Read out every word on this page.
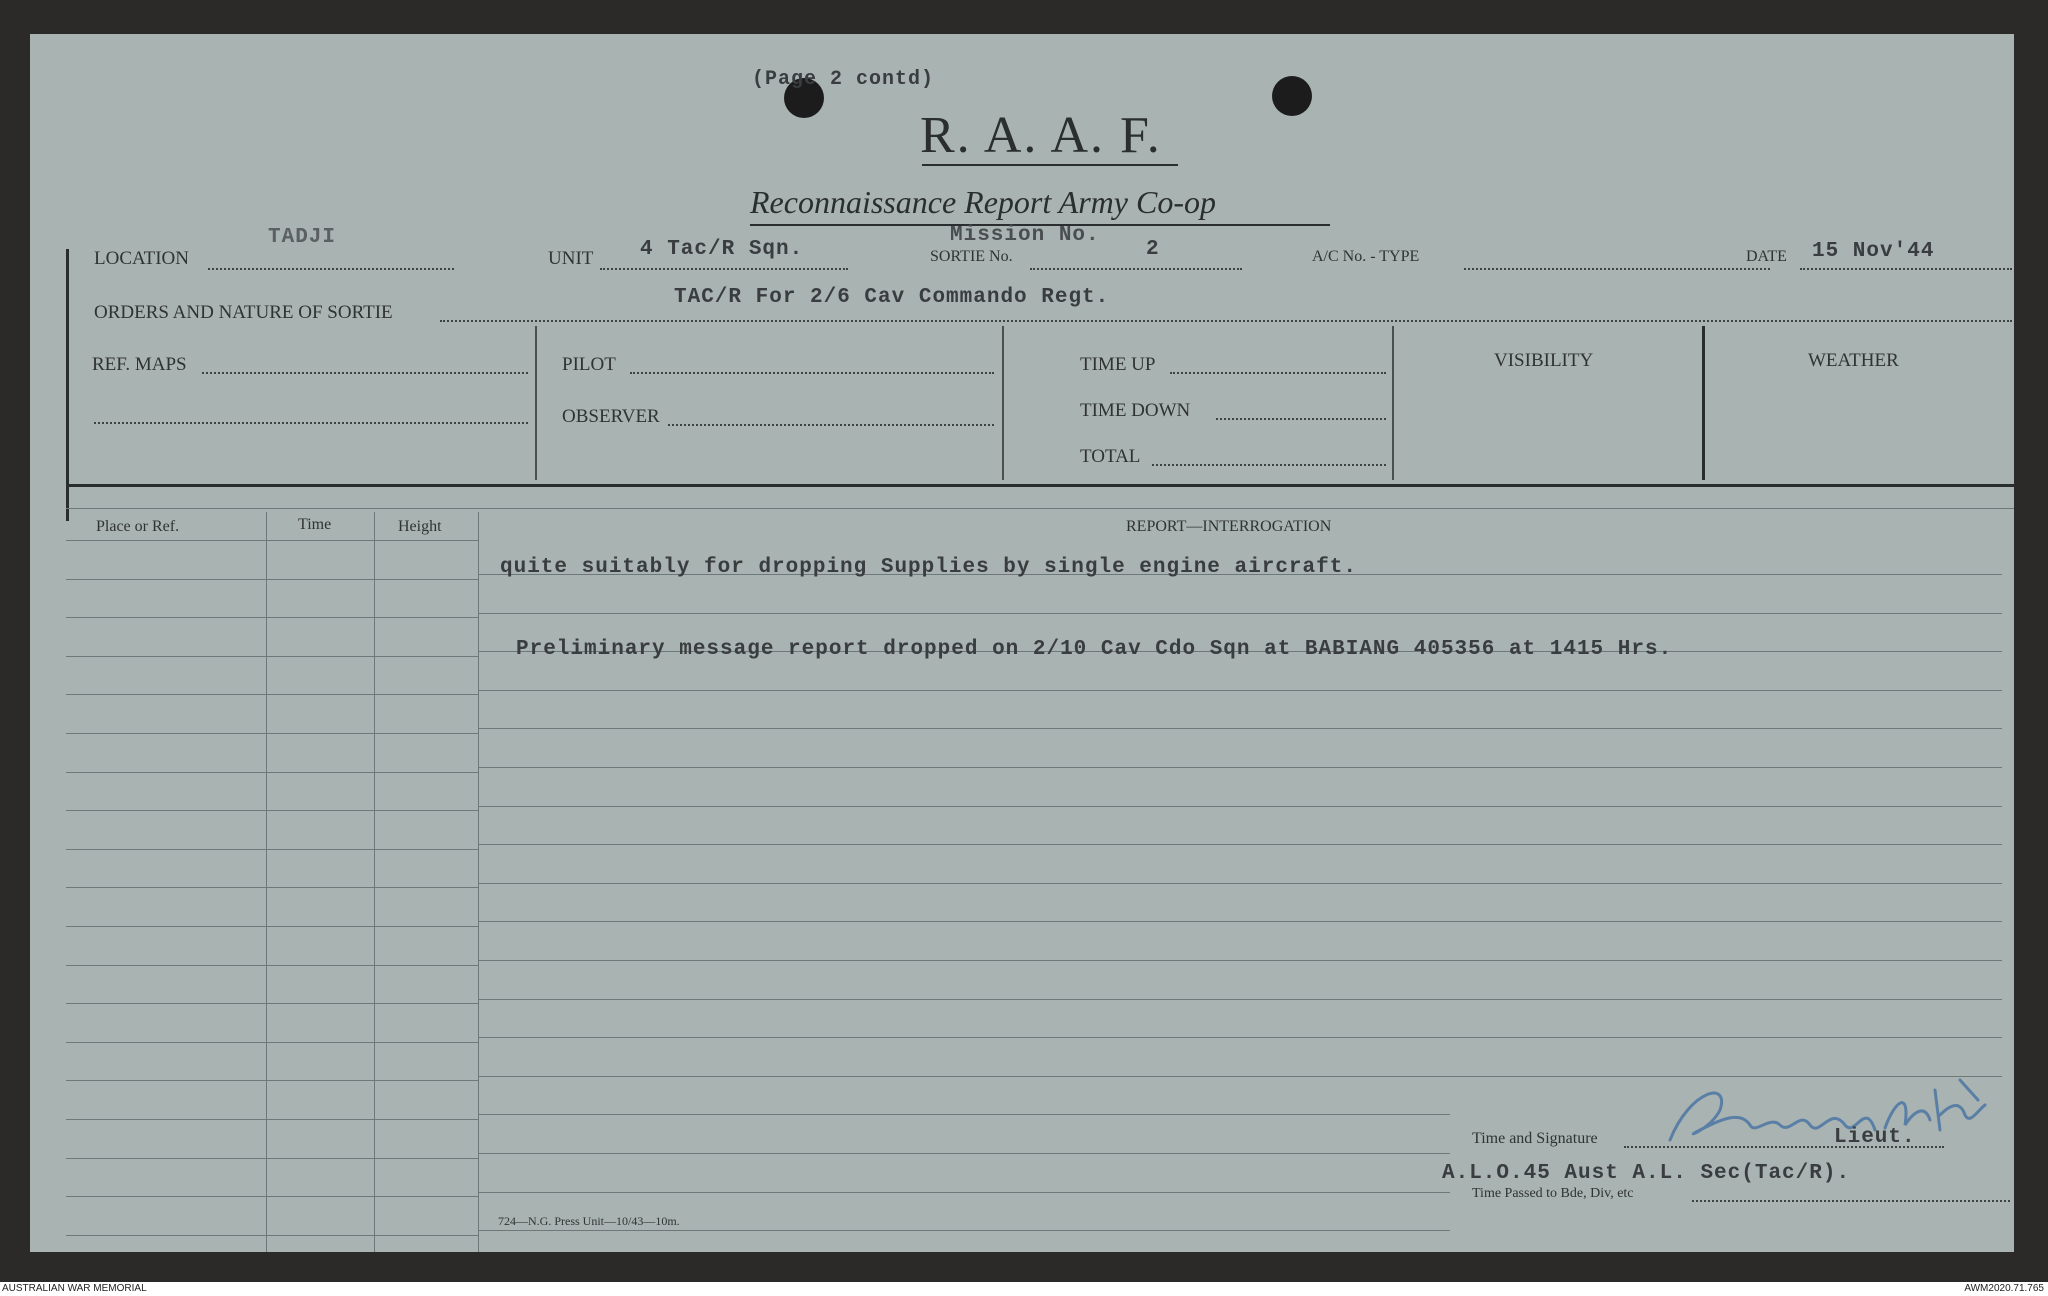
(Page 2 contd)
R. A. A. F.
Reconnaissance Report Army Co-op
LOCATION
TADJI
UNIT 4 Tac/R Sqn.
Mission No.
SORTIE No.	2	A/C No. - TYPE	DATE 15 Nov'44
ORDERS AND NATURE OF SORTIE
TAC/R For 2/6 Cav Commando Regt.
REF. MAPS	PILOT
OBSERVER
TIME UP
TIME DOWN
TOTAL
VISIBILITY	WEATHER
Place or Ref.	Time	Height	REPORT—INTERROGATION
quite suitably for dropping Supplies by single engine aircraft.
Preliminary message report dropped on 2/10 Cav Cdo Sqn at BABIANG 405356 at 1415 Hrs.
Time and Signature	Lieut.
A.L.O.45 Aust A.L. Sec(Tac/R).
Time Passed to Bde, Div, etc
724—N.G. Press Unit—10/43—10m.
AUSTRALIAN WAR MEMORIAL	AWM2020.71.765
